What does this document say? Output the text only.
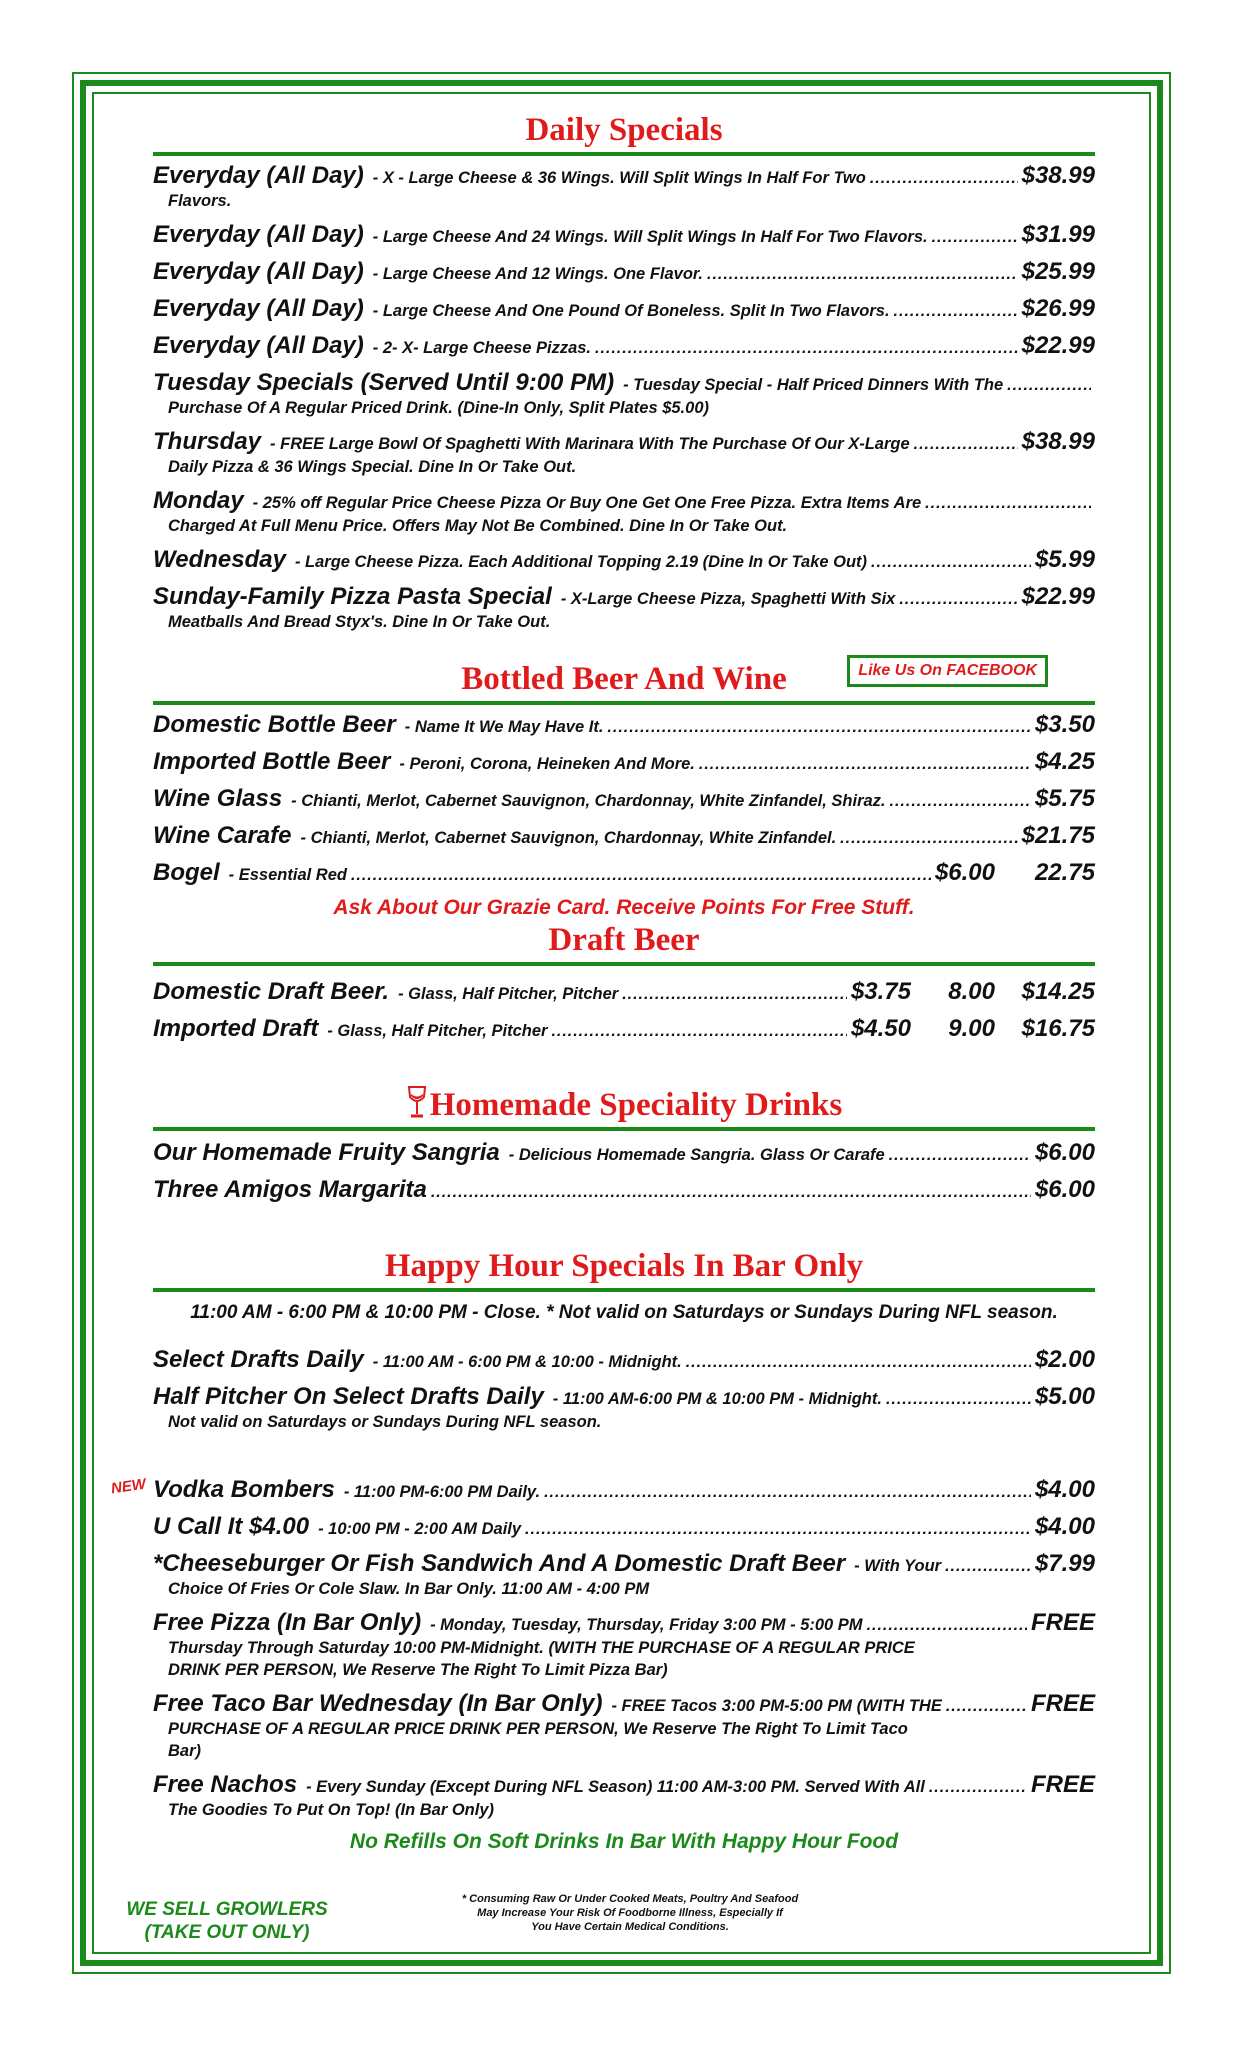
Daily Specials
Everyday (All Day) - X - Large Cheese & 36 Wings. Will Split Wings In Half For Two .....	$38.99
Flavors.
Everyday (All Day) - Large Cheese And 24 Wings. Will Split Wings In Half For Two Flavors. .....	$31.99
Everyday (All Day) - Large Cheese And 12 Wings. One Flavor. .....	$25.99
Everyday (All Day) - Large Cheese And One Pound Of Boneless. Split In Two Flavors. .....	$26.99
Everyday (All Day) - 2- X- Large Cheese Pizzas. .....	$22.99
Tuesday Specials (Served Until 9:00 PM) - Tuesday Special - Half Priced Dinners With The
.....
Purchase Of A Regular Priced Drink. (Dine-In Only, Split Plates $5.00)
Thursday - FREE Large Bowl Of Spaghetti With Marinara With The Purchase Of Our X-Large .....	$38.99
Daily Pizza & 36 Wings Special. Dine In Or Take Out.
Monday - 25% off Regular Price Cheese Pizza Or Buy One Get One Free Pizza. Extra Items Are
.....
Charged At Full Menu Price. Offers May Not Be Combined. Dine In Or Take Out.
Wednesday - Large Cheese Pizza. Each Additional Topping 2.19 (Dine In Or Take Out) .....	$5.99
Sunday-Family Pizza Pasta Special - X-Large Cheese Pizza, Spaghetti With Six .....	$22.99
Meatballs And Bread Styx's. Dine In Or Take Out.
Bottled Beer And Wine	Like Us On FACEBOOK
Domestic Bottle Beer - Name It We May Have It. .....	$3.50
Imported Bottle Beer - Peroni, Corona, Heineken And More. .....	$4.25
Wine Glass - Chianti, Merlot, Cabernet Sauvignon, Chardonnay, White Zinfandel, Shiraz. .....	$5.75
Wine Carafe - Chianti, Merlot, Cabernet Sauvignon, Chardonnay, White Zinfandel. .....	$21.75
Bogel - Essential Red .....	$6.00	22.75
Ask About Our Grazie Card. Receive Points For Free Stuff.
Draft Beer
Domestic Draft Beer. - Glass, Half Pitcher, Pitcher .....	$3.75	8.00	$14.25
Imported Draft - Glass, Half Pitcher, Pitcher .....	$4.50	9.00	$16.75
Homemade Speciality Drinks
Our Homemade Fruity Sangria - Delicious Homemade Sangria. Glass Or Carafe .....	$6.00
Three Amigos Margarita .....	$6.00
Happy Hour Specials In Bar Only
11:00 AM - 6:00 PM & 10:00 PM - Close. * Not valid on Saturdays or Sundays During NFL season.
Select Drafts Daily - 11:00 AM - 6:00 PM & 10:00 - Midnight. .....	$2.00
Half Pitcher On Select Drafts Daily - 11:00 AM-6:00 PM & 10:00 PM - Midnight. .....	$5.00
Not valid on Saturdays or Sundays During NFL season.
NEW Vodka Bombers - 11:00 PM-6:00 PM Daily. .....	$4.00
U Call It $4.00 - 10:00 PM - 2:00 AM Daily .....	$4.00
*Cheeseburger Or Fish Sandwich And A Domestic Draft Beer - With Your .....	$7.99
Choice Of Fries Or Cole Slaw. In Bar Only. 11:00 AM - 4:00 PM
Free Pizza (In Bar Only) - Monday, Tuesday, Thursday, Friday 3:00 PM - 5:00 PM .....	FREE
Thursday Through Saturday 10:00 PM-Midnight. (WITH THE PURCHASE OF A REGULAR PRICE
DRINK PER PERSON, We Reserve The Right To Limit Pizza Bar)
Free Taco Bar Wednesday (In Bar Only) - FREE Tacos 3:00 PM-5:00 PM (WITH THE .....	FREE
PURCHASE OF A REGULAR PRICE DRINK PER PERSON, We Reserve The Right To Limit Taco
Bar)
Free Nachos - Every Sunday (Except During NFL Season) 11:00 AM-3:00 PM. Served With All .....	FREE
The Goodies To Put On Top! (In Bar Only)
No Refills On Soft Drinks In Bar With Happy Hour Food
WE SELL GROWLERS
(TAKE OUT ONLY)
* Consuming Raw Or Under Cooked Meats, Poultry And Seafood
May Increase Your Risk Of Foodborne Illness, Especially If
You Have Certain Medical Conditions.
